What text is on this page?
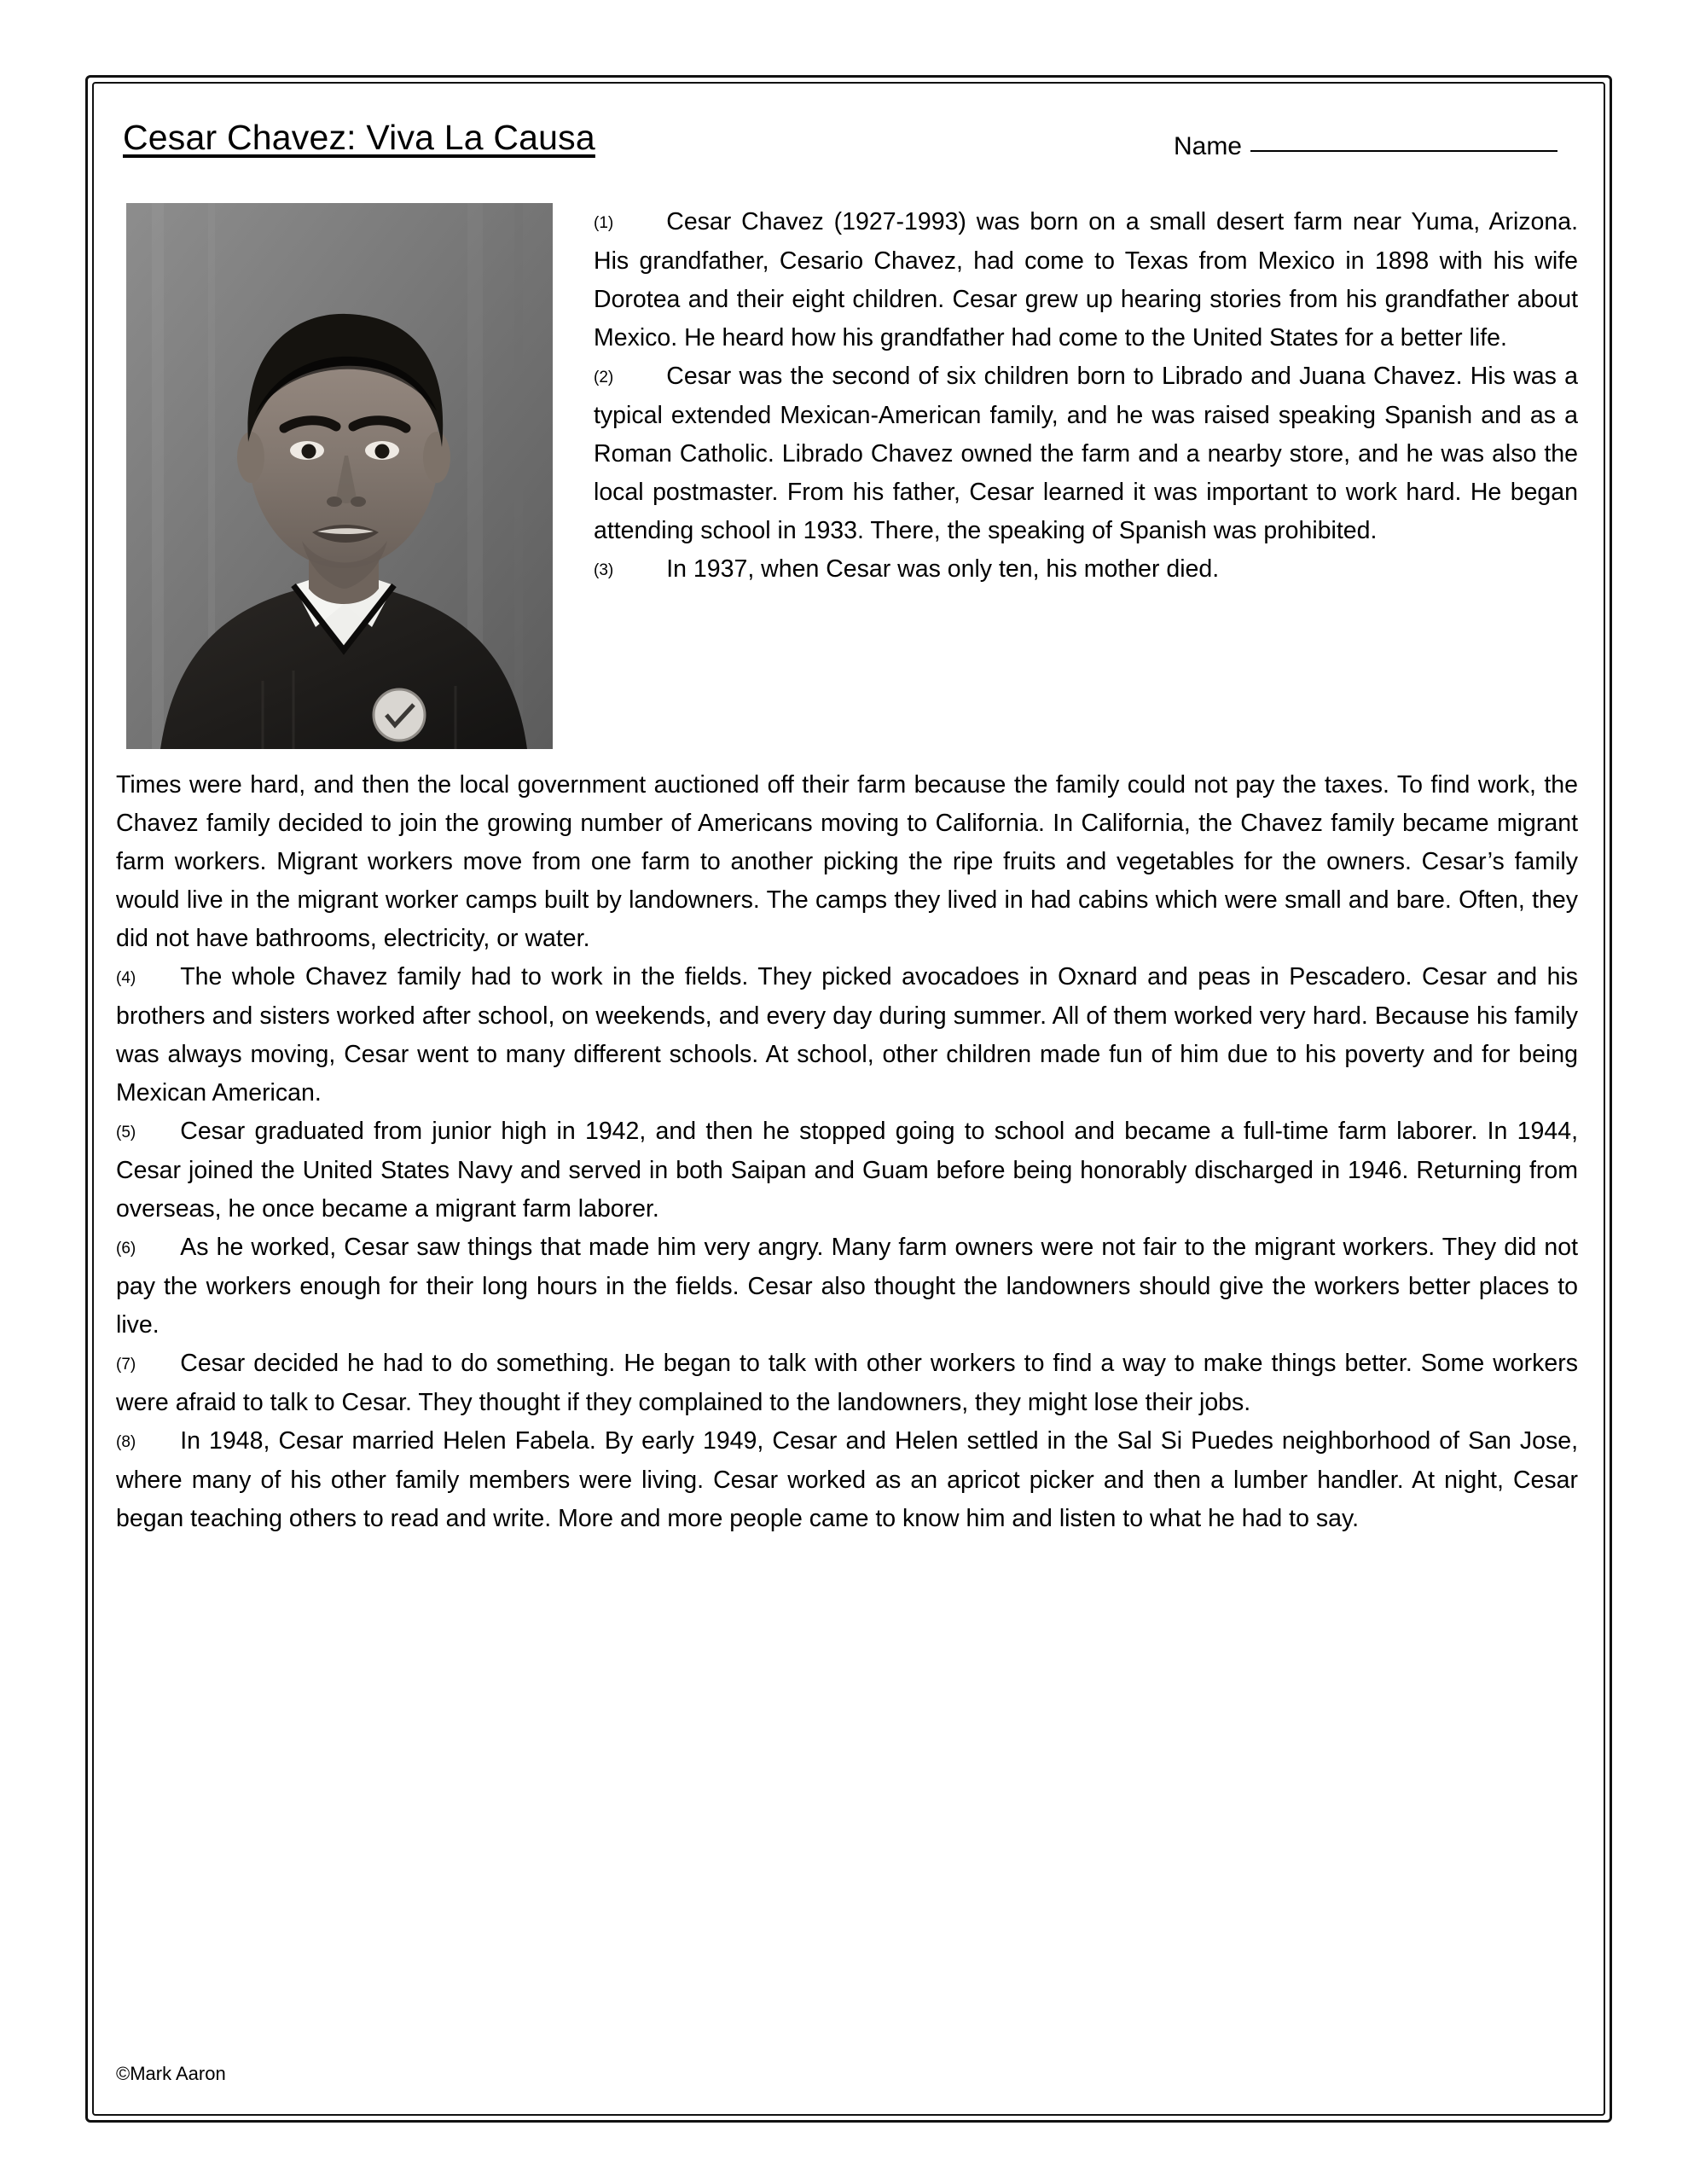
Cesar Chavez: Viva La Causa	Name

(1) Cesar Chavez (1927-1993) was born on a small desert farm near Yuma, Arizona. His grandfather, Cesario Chavez, had come to Texas from Mexico in 1898 with his wife Dorotea and their eight children. Cesar grew up hearing stories from his grandfather about Mexico. He heard how his grandfather had come to the United States for a better life.

(2) Cesar was the second of six children born to Librado and Juana Chavez. His was a typical extended Mexican-American family, and he was raised speaking Spanish and as a Roman Catholic. Librado Chavez owned the farm and a nearby store, and he was also the local postmaster. From his father, Cesar learned it was important to work hard. He began attending school in 1933. There, the speaking of Spanish was prohibited.

(3) In 1937, when Cesar was only ten, his mother died.

Times were hard, and then the local government auctioned off their farm because the family could not pay the taxes. To find work, the Chavez family decided to join the growing number of Americans moving to California. In California, the Chavez family became migrant farm workers. Migrant workers move from one farm to another picking the ripe fruits and vegetables for the owners. Cesar’s family would live in the migrant worker camps built by landowners. The camps they lived in had cabins which were small and bare. Often, they did not have bathrooms, electricity, or water.

(4) The whole Chavez family had to work in the fields. They picked avocadoes in Oxnard and peas in Pescadero. Cesar and his brothers and sisters worked after school, on weekends, and every day during summer. All of them worked very hard. Because his family was always moving, Cesar went to many different schools. At school, other children made fun of him due to his poverty and for being Mexican American.

(5) Cesar graduated from junior high in 1942, and then he stopped going to school and became a full-time farm laborer. In 1944, Cesar joined the United States Navy and served in both Saipan and Guam before being honorably discharged in 1946. Returning from overseas, he once became a migrant farm laborer.

(6) As he worked, Cesar saw things that made him very angry. Many farm owners were not fair to the migrant workers. They did not pay the workers enough for their long hours in the fields. Cesar also thought the landowners should give the workers better places to live.

(7) Cesar decided he had to do something. He began to talk with other workers to find a way to make things better. Some workers were afraid to talk to Cesar. They thought if they complained to the landowners, they might lose their jobs.

(8) In 1948, Cesar married Helen Fabela. By early 1949, Cesar and Helen settled in the Sal Si Puedes neighborhood of San Jose, where many of his other family members were living. Cesar worked as an apricot picker and then a lumber handler. At night, Cesar began teaching others to read and write. More and more people came to know him and listen to what he had to say.

©Mark Aaron
